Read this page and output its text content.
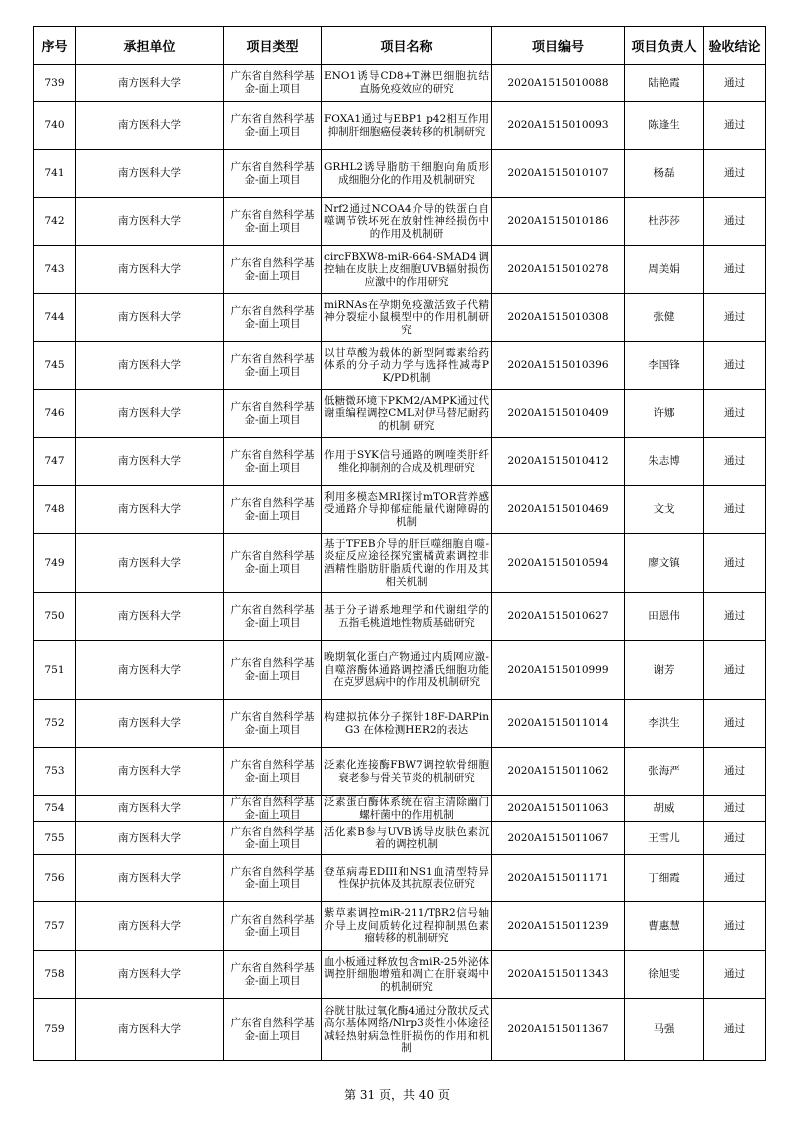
序号	承担单位	项目类型	项目名称	项目编号	项目负责人	验收结论
739	南方医科大学	广东省自然科学基金-面上项目	ENO1诱导CD8+T淋巴细胞抗结直肠免疫效应的研究	2020A1515010088	陆艳霞	通过
740	南方医科大学	广东省自然科学基金-面上项目	FOXA1通过与EBP1 p42相互作用抑制肝细胞癌侵袭转移的机制研究	2020A1515010093	陈逢生	通过
741	南方医科大学	广东省自然科学基金-面上项目	GRHL2诱导脂肪干细胞向角质形成细胞分化的作用及机制研究	2020A1515010107	杨磊	通过
742	南方医科大学	广东省自然科学基金-面上项目	Nrf2通过NCOA4介导的铁蛋白自噬调节铁坏死在放射性神经损伤中的作用及机制研	2020A1515010186	杜莎莎	通过
743	南方医科大学	广东省自然科学基金-面上项目	circFBXW8-miR-664-SMAD4调控轴在皮肤上皮细胞UVB辐射损伤应激中的作用研究	2020A1515010278	周美娟	通过
744	南方医科大学	广东省自然科学基金-面上项目	miRNAs在孕期免疫激活致子代精神分裂症小鼠模型中的作用机制研究	2020A1515010308	张健	通过
745	南方医科大学	广东省自然科学基金-面上项目	以甘草酸为载体的新型阿霉素给药体系的分子动力学与选择性减毒PK/PD机制	2020A1515010396	李国锋	通过
746	南方医科大学	广东省自然科学基金-面上项目	低糖微环境下PKM2/AMPK通过代谢重编程调控CML对伊马替尼耐药的机制 研究	2020A1515010409	许娜	通过
747	南方医科大学	广东省自然科学基金-面上项目	作用于SYK信号通路的咧喹类肝纤维化抑制剂的合成及机理研究	2020A1515010412	朱志博	通过
748	南方医科大学	广东省自然科学基金-面上项目	利用多模态MRI探讨mTOR营养感受通路介导抑郁症能量代谢障碍的机制	2020A1515010469	文戈	通过
749	南方医科大学	广东省自然科学基金-面上项目	基于TFEB介导的肝巨噬细胞自噬-炎症反应途径探究蜜橘黄素调控非酒精性脂肪肝脂质代谢的作用及其相关机制	2020A1515010594	廖文镇	通过
750	南方医科大学	广东省自然科学基金-面上项目	基于分子谱系地理学和代谢组学的五指毛桃道地性物质基础研究	2020A1515010627	田恩伟	通过
751	南方医科大学	广东省自然科学基金-面上项目	晚期氧化蛋白产物通过内质网应激-自噬溶酶体通路调控潘氏细胞功能在克罗恩病中的作用及机制研究	2020A1515010999	谢芳	通过
752	南方医科大学	广东省自然科学基金-面上项目	构建拟抗体分子探针18F-DARPin G3 在体检测HER2的表达	2020A1515011014	李洪生	通过
753	南方医科大学	广东省自然科学基金-面上项目	泛素化连接酶FBW7调控软骨细胞衰老参与骨关节炎的机制研究	2020A1515011062	张海严	通过
754	南方医科大学	广东省自然科学基金-面上项目	泛素蛋白酶体系统在宿主清除幽门螺杆菌中的作用机制	2020A1515011063	胡威	通过
755	南方医科大学	广东省自然科学基金-面上项目	活化素B参与UVB诱导皮肤色素沉着的调控机制	2020A1515011067	王雪儿	通过
756	南方医科大学	广东省自然科学基金-面上项目	登革病毒EDIII和NS1血清型特异性保护抗体及其抗原表位研究	2020A1515011171	丁细霞	通过
757	南方医科大学	广东省自然科学基金-面上项目	紫草素调控miR-211/TβR2信号轴介导上皮间质转化过程抑制黑色素瘤转移的机制研究	2020A1515011239	曹惠慧	通过
758	南方医科大学	广东省自然科学基金-面上项目	血小板通过释放包含miR-25外泌体调控肝细胞增殖和凋亡在肝衰竭中的机制研究	2020A1515011343	徐旭雯	通过
759	南方医科大学	广东省自然科学基金-面上项目	谷胱甘肽过氧化酶4通过分散状反式高尔基体网络/Nlrp3炎性小体途径减轻热射病急性肝损伤的作用和机制	2020A1515011367	马强	通过
第 31 页，共 40 页
